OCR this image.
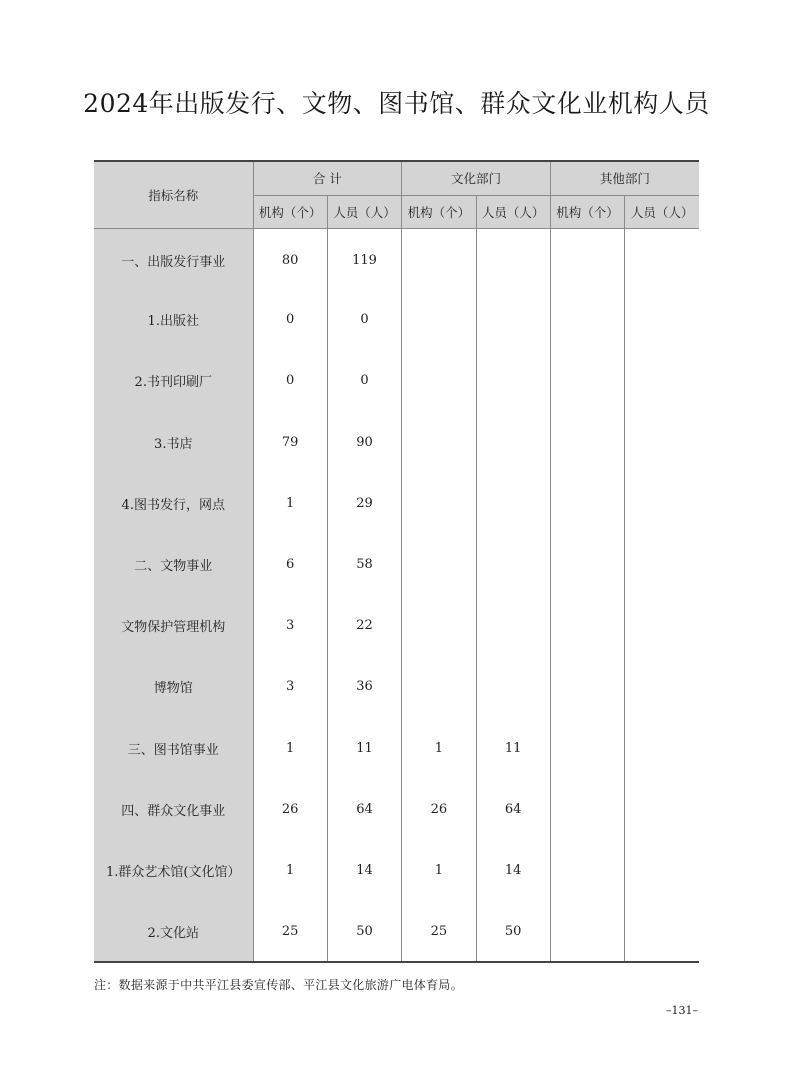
2024年出版发行、文物、图书馆、群众文化业机构人员
指标名称	合 计		文化部门		其他部门	
	机构（个）	人员（人）	机构（个）	人员（人）	机构（个）	人员（人）
一、出版发行事业	80	119				
1.出版社	0	0				
2.书刊印刷厂	0	0				
3.书店	79	90				
4.图书发行，网点	1	29				
二、文物事业	6	58				
文物保护管理机构	3	22				
博物馆	3	36				
三、图书馆事业	1	11	1	11		
四、群众文化事业	26	64	26	64		
1.群众艺术馆(文化馆）	1	14	1	14		
2.文化站	25	50	25	50		
注：数据来源于中共平江县委宣传部、平江县文化旅游广电体育局。
–131–
